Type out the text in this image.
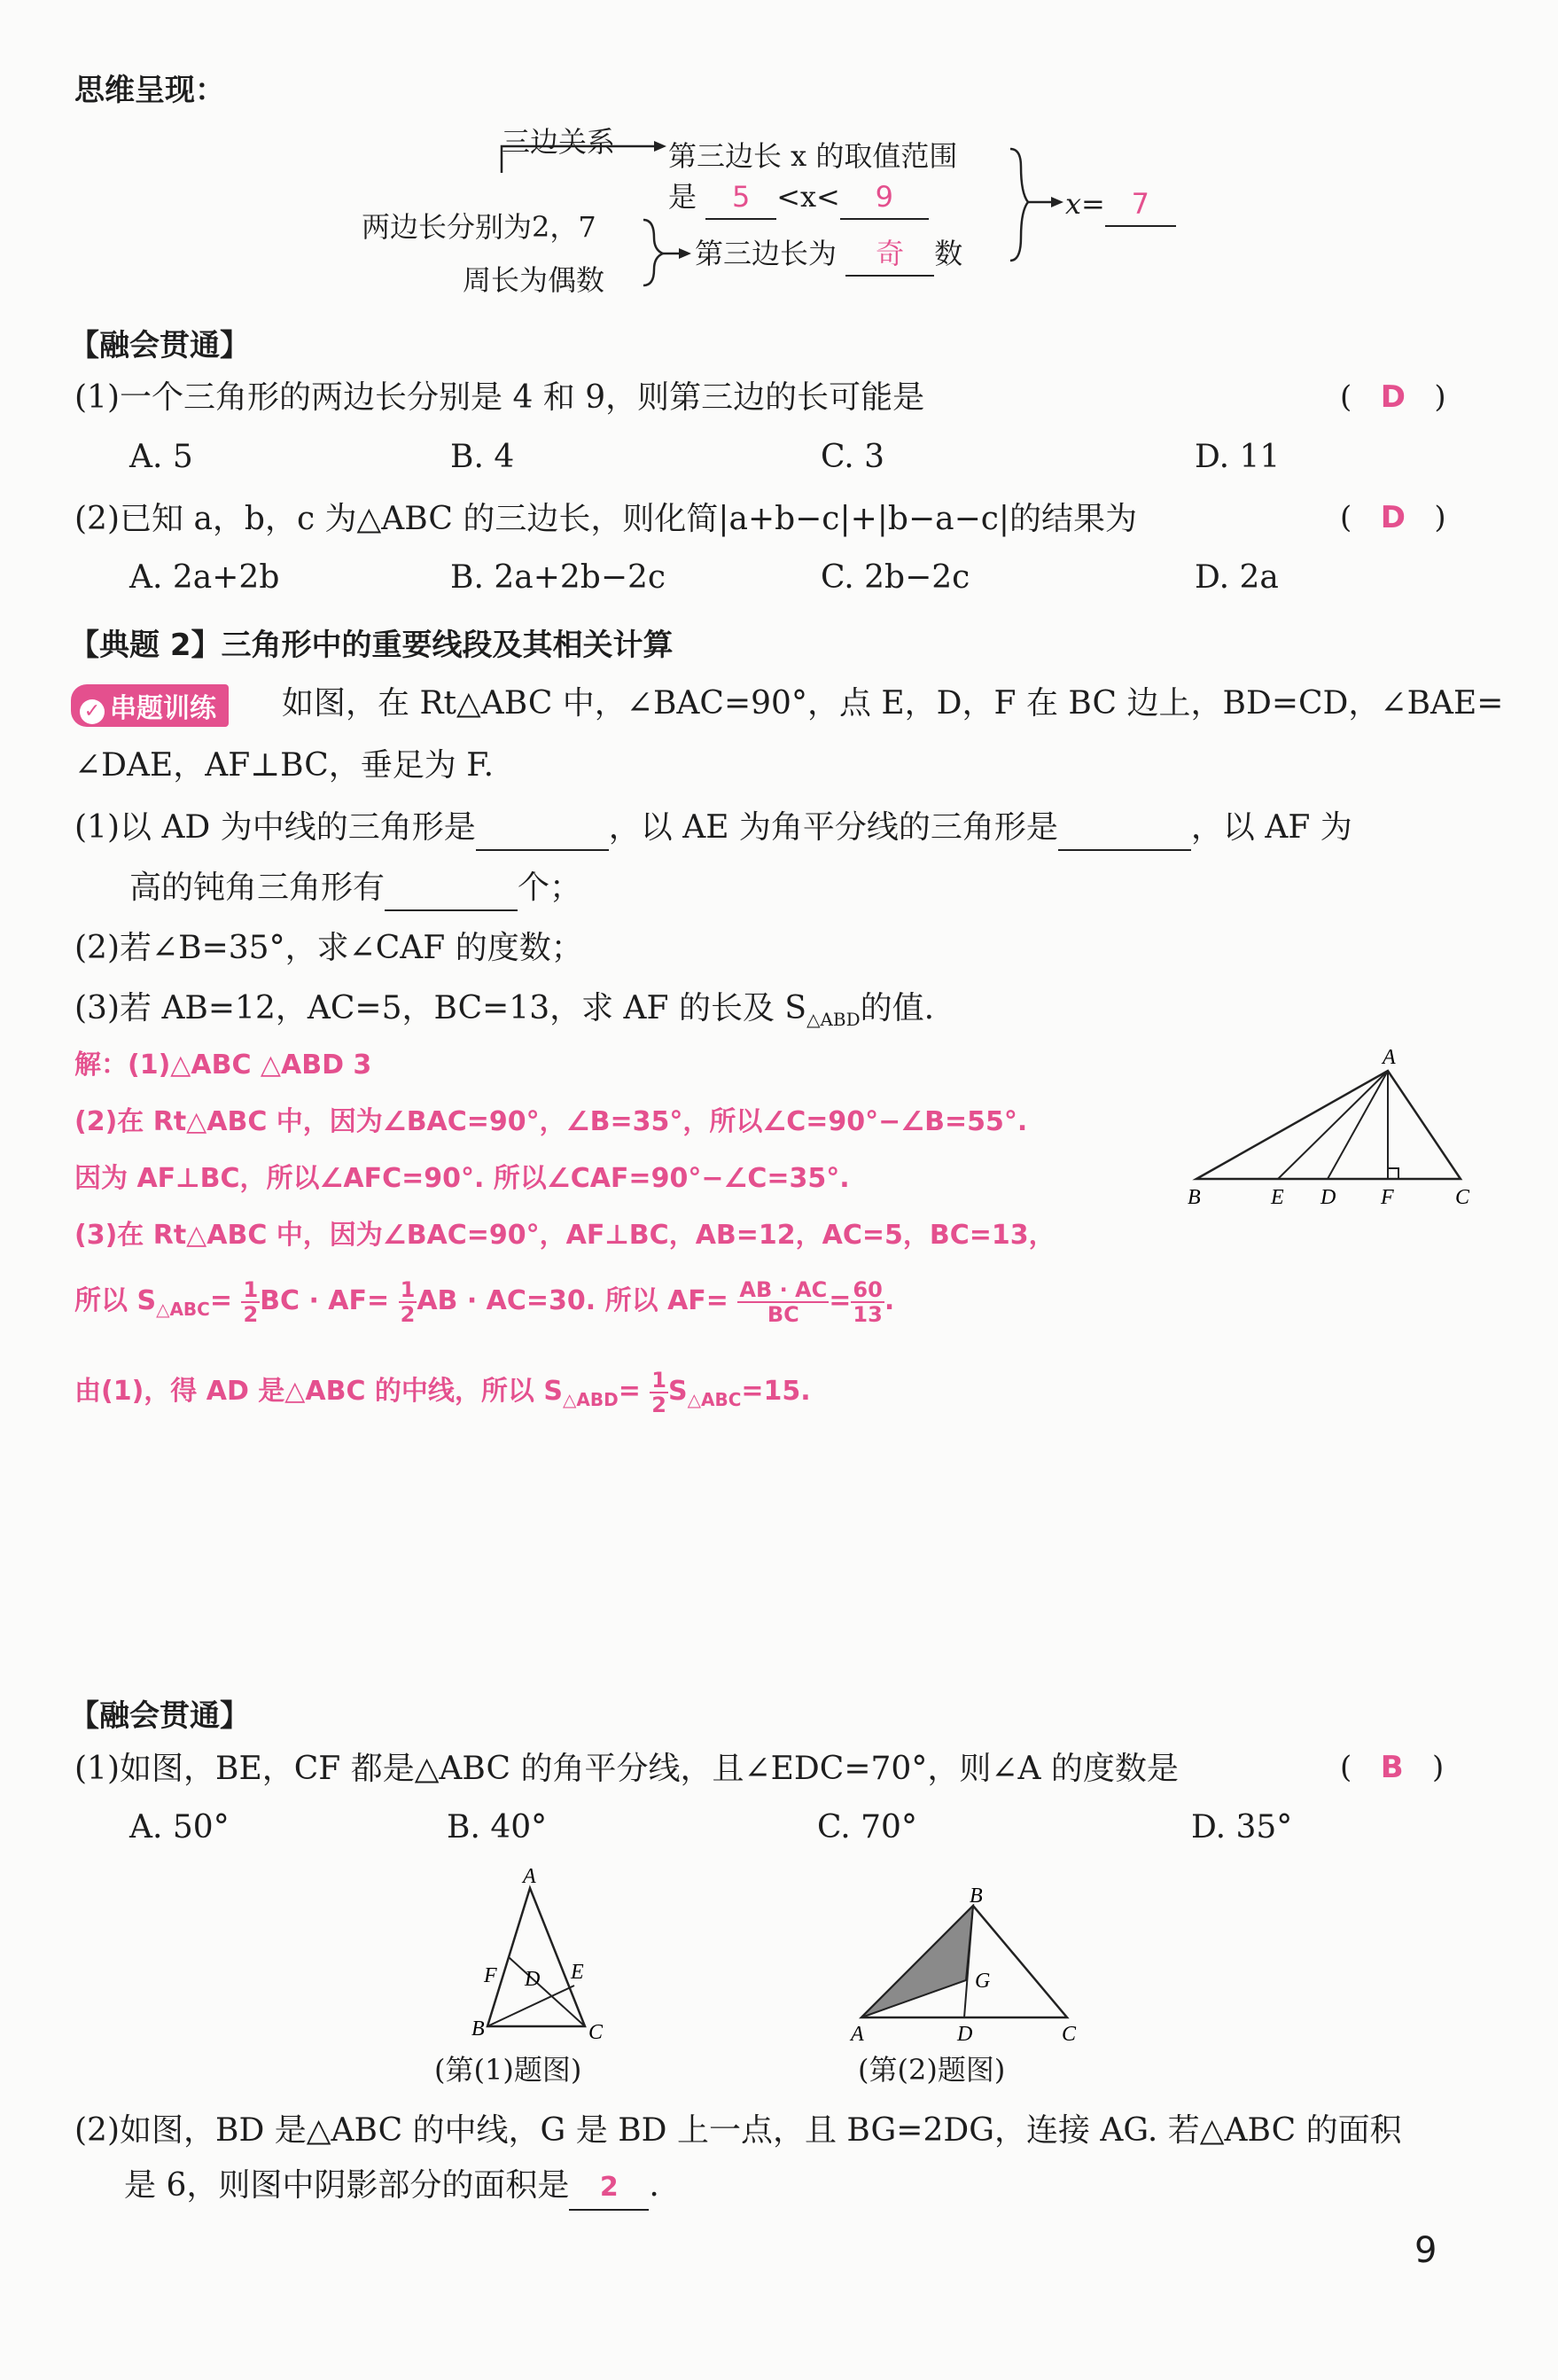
思维呈现：
三边关系 第三边长 x 的取值范围
是 5 <x< 9
两边长分别为2，7
周长为偶数
第三边长为 奇 数
x= 7
【融会贯通】
(1)一个三角形的两边长分别是 4 和 9，则第三边的长可能是	(   D   )
A. 5	B. 4	C. 3	D. 11
(2)已知 a，b，c 为△ABC 的三边长，则化简|a+b−c|+|b−a−c|的结果为	(   D   )
A. 2a+2b	B. 2a+2b−2c	C. 2b−2c	D. 2a
【典题 2】三角形中的重要线段及其相关计算
✓ 串题训练	如图，在 Rt△ABC 中，∠BAC=90°，点 E，D，F 在 BC 边上，BD=CD，∠BAE=
∠DAE，AF⊥BC，垂足为 F.
(1)以 AD 为中线的三角形是	，以 AE 为角平分线的三角形是	，以 AF 为
高的钝角三角形有	个；
(2)若∠B=35°，求∠CAF 的度数；
(3)若 AB=12，AC=5，BC=13，求 AF 的长及 $S_{\triangle ABD}$的值.
解：(1)△ABC △ABD 3
(2)在 Rt△ABC 中，因为∠BAC=90°，∠B=35°，所以∠C=90°−∠B=55°.
因为 AF⊥BC，所以∠AFC=90°. 所以∠CAF=90°−∠C=35°.
(3)在 Rt△ABC 中，因为∠BAC=90°，AF⊥BC，AB=12，AC=5，BC=13，
所以 $S_{\triangle ABC}= \frac{1}{2}$ BC · $AF= \frac{1}{2}$ AB · AC=30. 所以 $AF= \frac{AB \cdot AC}{BC} = \frac{60}{13}$ .
由(1)，得 AD 是△ABC 的中线，所以 $S_{\triangle ABD}= \frac{1}{2} S_{\triangle ABC}=15$.
A
B	E D F	C
【融会贯通】
(1)如图，BE，CF 都是△ABC 的角平分线，且∠EDC=70°，则∠A 的度数是	(   B   )
A. 50°	B. 40°	C. 70°	D. 35°
A
F D E
B	C
(第(1)题图)
B
G
A	D	C
(第(2)题图)
(2)如图，BD 是△ABC 的中线，G 是 BD 上一点，且 BG=2DG，连接 AG. 若△ABC 的面积
是 6，则图中阴影部分的面积是 2 .
9
